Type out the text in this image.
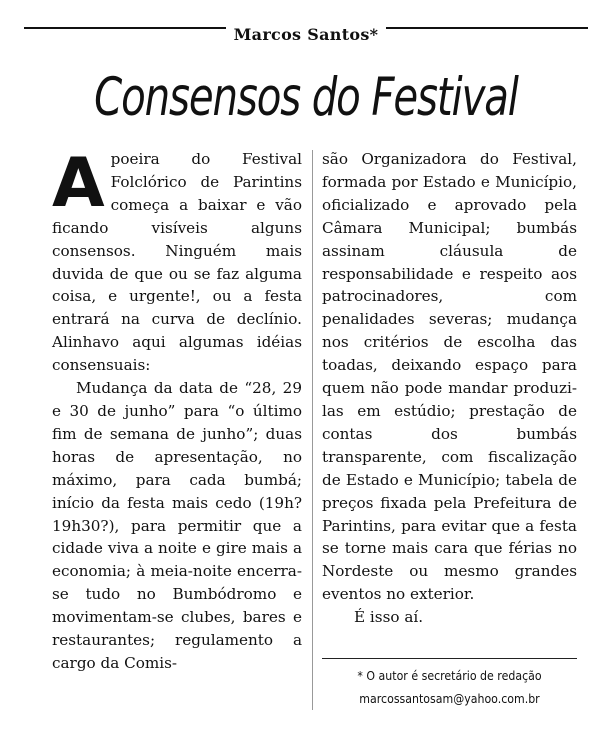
Marcos Santos*
Consensos do Festival

Apoeira do Festival Folclórico de Parintins começa a baixar e vão ficando visíveis alguns consensos. Ninguém mais duvida de que ou se faz alguma coisa, e urgente!, ou a festa entrará na curva de declínio. Alinhavo aqui algumas idéias consensuais:

Mudança da data de “28, 29 e 30 de junho” para “o último fim de semana de junho”; duas horas de apresentação, no máximo, para cada bumbá; início da festa mais cedo (19h? 19h30?), para permitir que a cidade viva a noite e gire mais a economia; à meia-noite encerra-se tudo no Bumbódromo e movimentam-se clubes, bares e restaurantes; regulamento a cargo da Comis-

são Organizadora do Festival, formada por Estado e Município, oficializado e aprovado pela Câmara Municipal; bumbás assinam cláusula de responsabilidade e respeito aos patrocinadores, com penalidades severas; mudança nos critérios de escolha das toadas, deixando espaço para quem não pode mandar produzi-las em estúdio; prestação de contas dos bumbás transparente, com fiscalização de Estado e Município; tabela de preços fixada pela Prefeitura de Parintins, para evitar que a festa se torne mais cara que férias no Nordeste ou mesmo grandes eventos no exterior.

É isso aí.

* O autor é secretário de redação
marcossantosam@yahoo.com.br
